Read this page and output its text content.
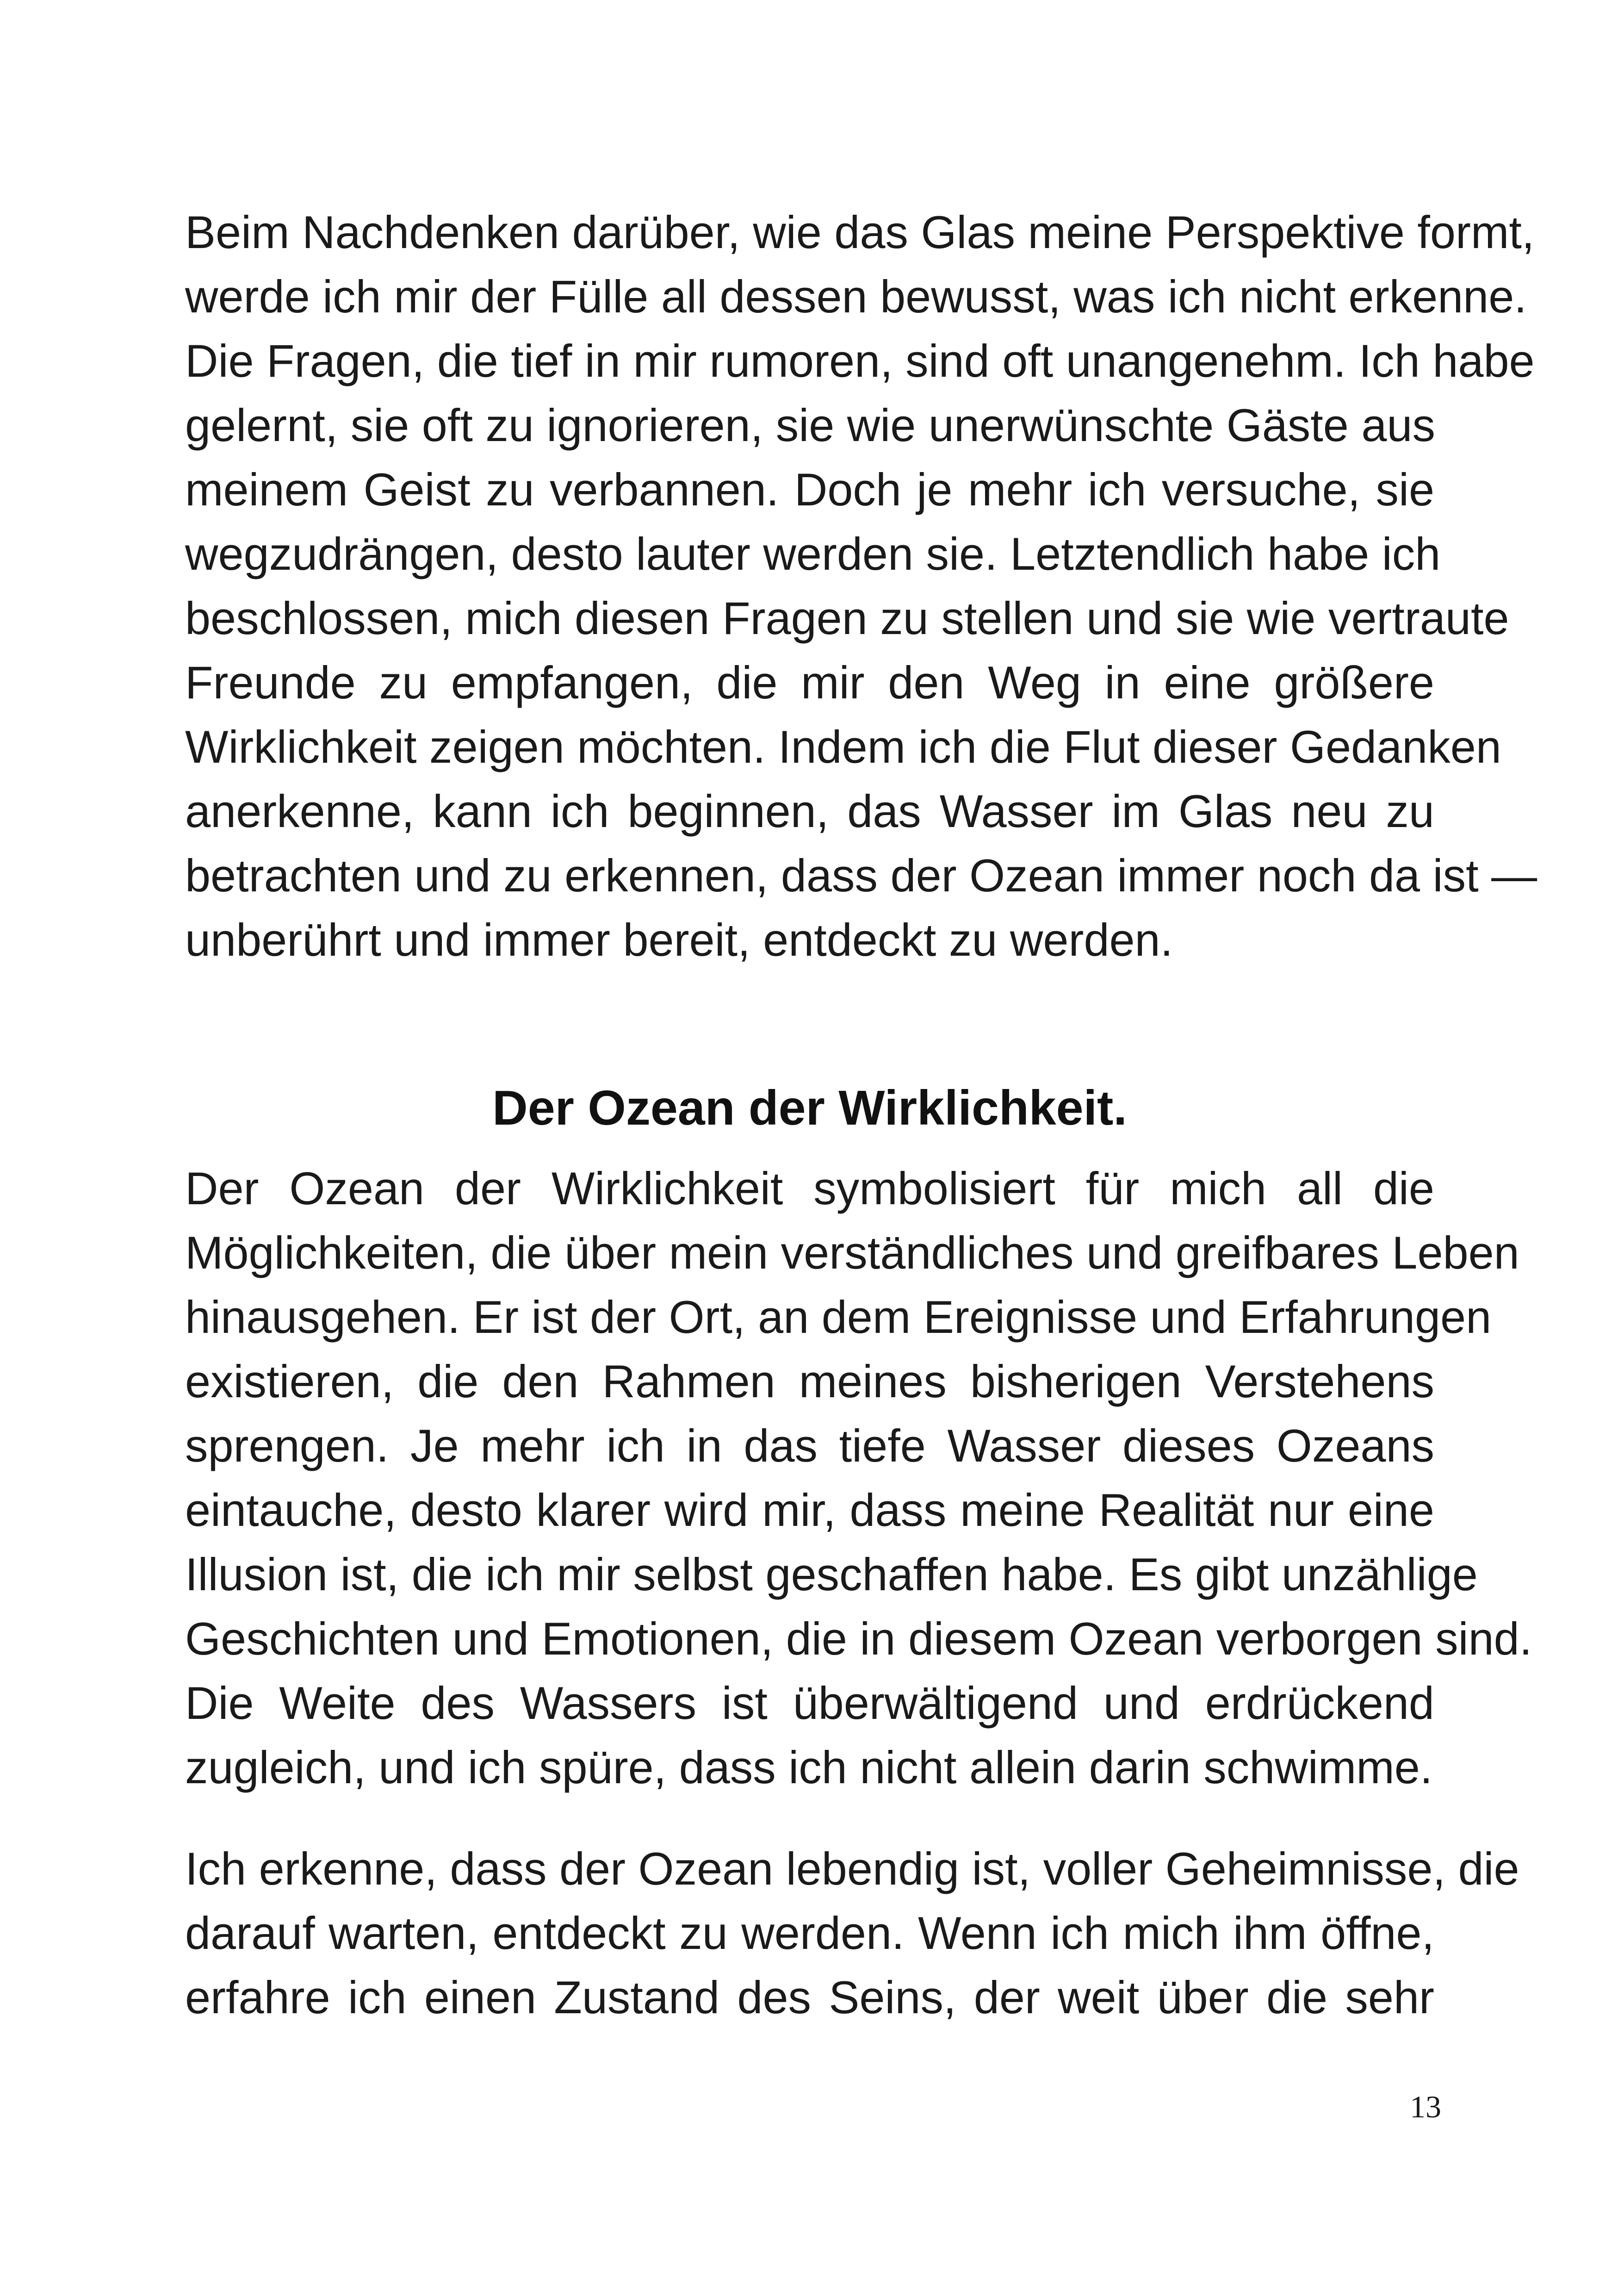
Beim Nachdenken darüber, wie das Glas meine Perspektive formt,
werde ich mir der Fülle all dessen bewusst, was ich nicht erkenne.
Die Fragen, die tief in mir rumoren, sind oft unangenehm. Ich habe
gelernt, sie oft zu ignorieren, sie wie unerwünschte Gäste aus
meinem Geist zu verbannen. Doch je mehr ich versuche, sie
wegzudrängen, desto lauter werden sie. Letztendlich habe ich
beschlossen, mich diesen Fragen zu stellen und sie wie vertraute
Freunde zu empfangen, die mir den Weg in eine größere
Wirklichkeit zeigen möchten. Indem ich die Flut dieser Gedanken
anerkenne, kann ich beginnen, das Wasser im Glas neu zu
betrachten und zu erkennen, dass der Ozean immer noch da ist —
unberührt und immer bereit, entdeckt zu werden.
Der Ozean der Wirklichkeit.
Der Ozean der Wirklichkeit symbolisiert für mich all die
Möglichkeiten, die über mein verständliches und greifbares Leben
hinausgehen. Er ist der Ort, an dem Ereignisse und Erfahrungen
existieren, die den Rahmen meines bisherigen Verstehens
sprengen. Je mehr ich in das tiefe Wasser dieses Ozeans
eintauche, desto klarer wird mir, dass meine Realität nur eine
Illusion ist, die ich mir selbst geschaffen habe. Es gibt unzählige
Geschichten und Emotionen, die in diesem Ozean verborgen sind.
Die Weite des Wassers ist überwältigend und erdrückend
zugleich, und ich spüre, dass ich nicht allein darin schwimme.
Ich erkenne, dass der Ozean lebendig ist, voller Geheimnisse, die
darauf warten, entdeckt zu werden. Wenn ich mich ihm öffne,
erfahre ich einen Zustand des Seins, der weit über die sehr
13
